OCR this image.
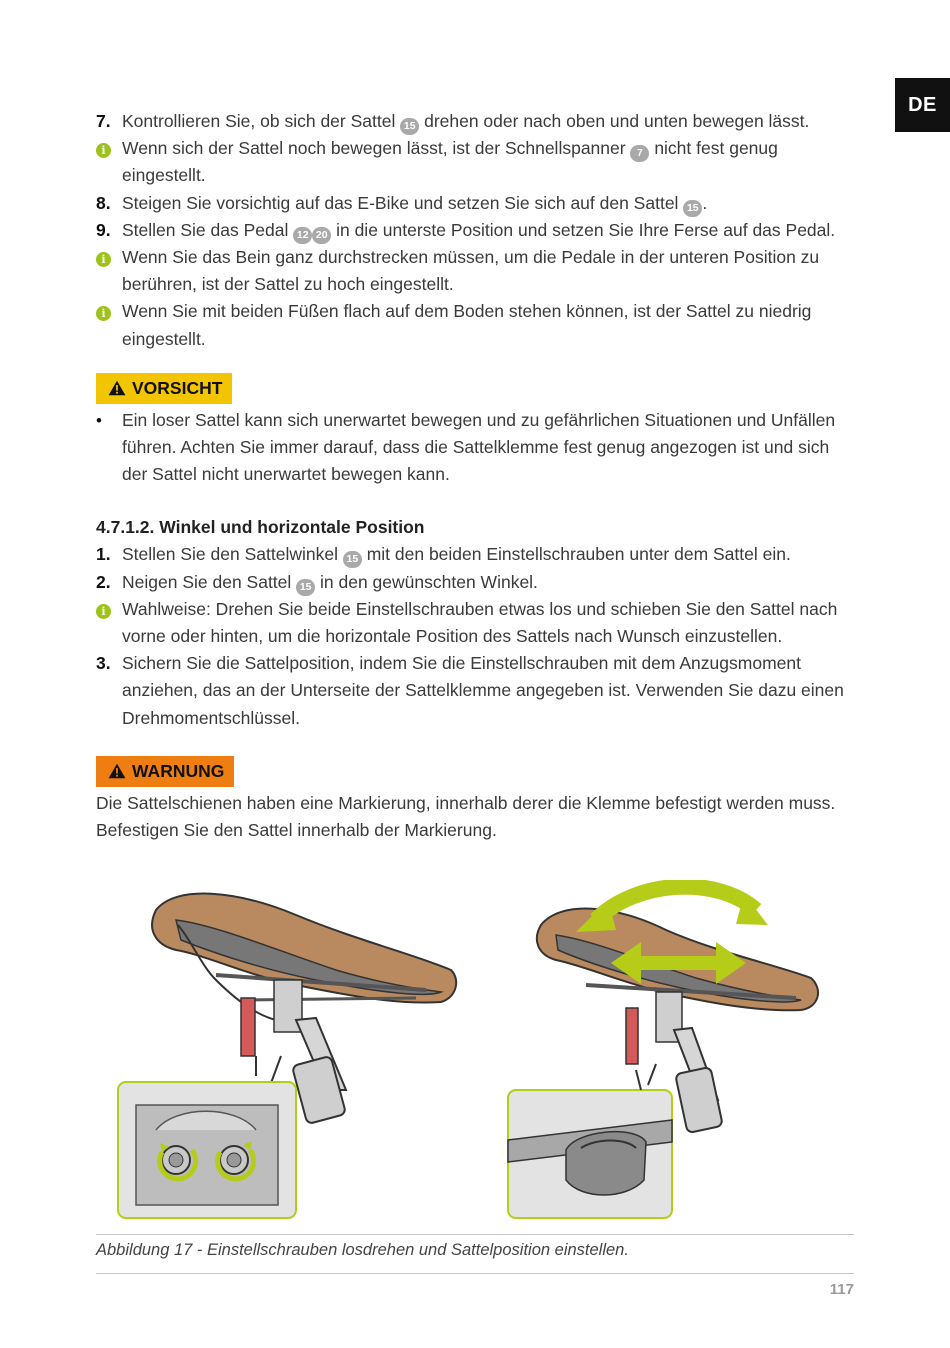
DE
7. Kontrollieren Sie, ob sich der Sattel 15 drehen oder nach oben und unten bewegen lässt.
i Wenn sich der Sattel noch bewegen lässt, ist der Schnellspanner 7 nicht fest genug eingestellt.
8. Steigen Sie vorsichtig auf das E-Bike und setzen Sie sich auf den Sattel 15 .
9. Stellen Sie das Pedal 12 20 in die unterste Position und setzen Sie Ihre Ferse auf das Pedal.
i Wenn Sie das Bein ganz durchstrecken müssen, um die Pedale in der unteren Position zu berühren, ist der Sattel zu hoch eingestellt.
i Wenn Sie mit beiden Füßen flach auf dem Boden stehen können, ist der Sattel zu niedrig eingestellt.
VORSICHT
• Ein loser Sattel kann sich unerwartet bewegen und zu gefährlichen Situationen und Unfällen führen. Achten Sie immer darauf, dass die Sattelklemme fest genug angezogen ist und sich der Sattel nicht unerwartet bewegen kann.
4.7.1.2. Winkel und horizontale Position
1. Stellen Sie den Sattelwinkel 15 mit den beiden Einstellschrauben unter dem Sattel ein.
2. Neigen Sie den Sattel 15 in den gewünschten Winkel.
i Wahlweise: Drehen Sie beide Einstellschrauben etwas los und schieben Sie den Sattel nach vorne oder hinten, um die horizontale Position des Sattels nach Wunsch einzustellen.
3. Sichern Sie die Sattelposition, indem Sie die Einstellschrauben mit dem Anzugsmoment anziehen, das an der Unterseite der Sattelklemme angegeben ist. Verwenden Sie dazu einen Drehmomentschlüssel.
WARNUNG
Die Sattelschienen haben eine Markierung, innerhalb derer die Klemme befestigt werden muss. Befestigen Sie den Sattel innerhalb der Markierung.
Abbildung 17 - Einstellschrauben losdrehen und Sattelposition einstellen.
117
